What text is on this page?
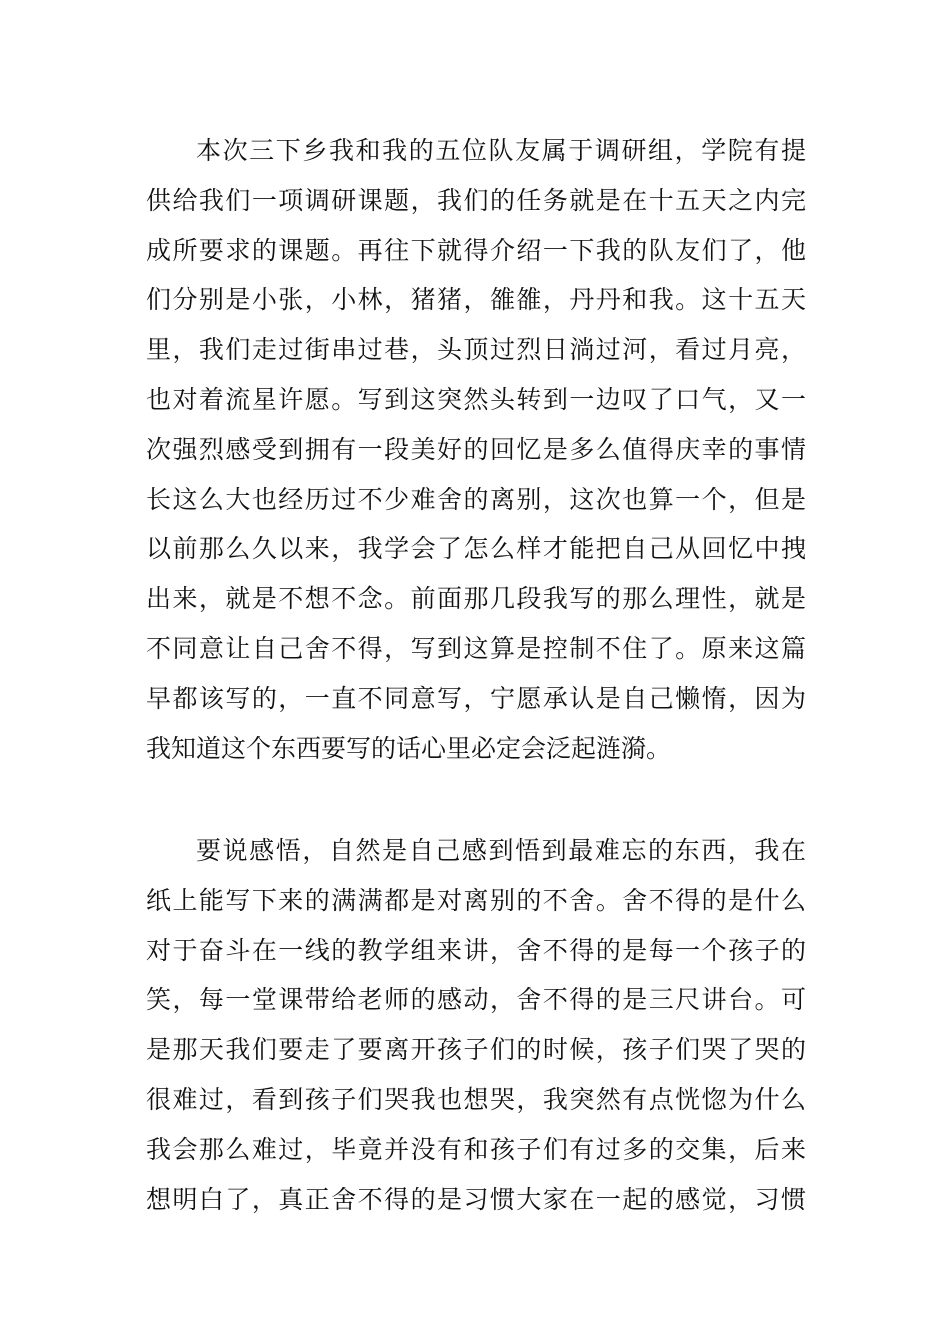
本次三下乡我和我的五位队友属于调研组，学院有提
供给我们一项调研课题，我们的任务就是在十五天之内完
成所要求的课题。再往下就得介绍一下我的队友们了，他
们分别是小张，小林，猪猪，雒雒，丹丹和我。这十五天
里，我们走过街串过巷，头顶过烈日淌过河，看过月亮，
也对着流星许愿。写到这突然头转到一边叹了口气，又一
次强烈感受到拥有一段美好的回忆是多么值得庆幸的事情
长这么大也经历过不少难舍的离别，这次也算一个，但是
以前那么久以来，我学会了怎么样才能把自己从回忆中拽
出来，就是不想不念。前面那几段我写的那么理性，就是
不同意让自己舍不得，写到这算是控制不住了。原来这篇
早都该写的，一直不同意写，宁愿承认是自己懒惰，因为
我知道这个东西要写的话心里必定会泛起涟漪。
要说感悟，自然是自己感到悟到最难忘的东西，我在
纸上能写下来的满满都是对离别的不舍。舍不得的是什么
对于奋斗在一线的教学组来讲，舍不得的是每一个孩子的
笑，每一堂课带给老师的感动，舍不得的是三尺讲台。可
是那天我们要走了要离开孩子们的时候，孩子们哭了哭的
很难过，看到孩子们哭我也想哭，我突然有点恍惚为什么
我会那么难过，毕竟并没有和孩子们有过多的交集，后来
想明白了，真正舍不得的是习惯大家在一起的感觉，习惯
